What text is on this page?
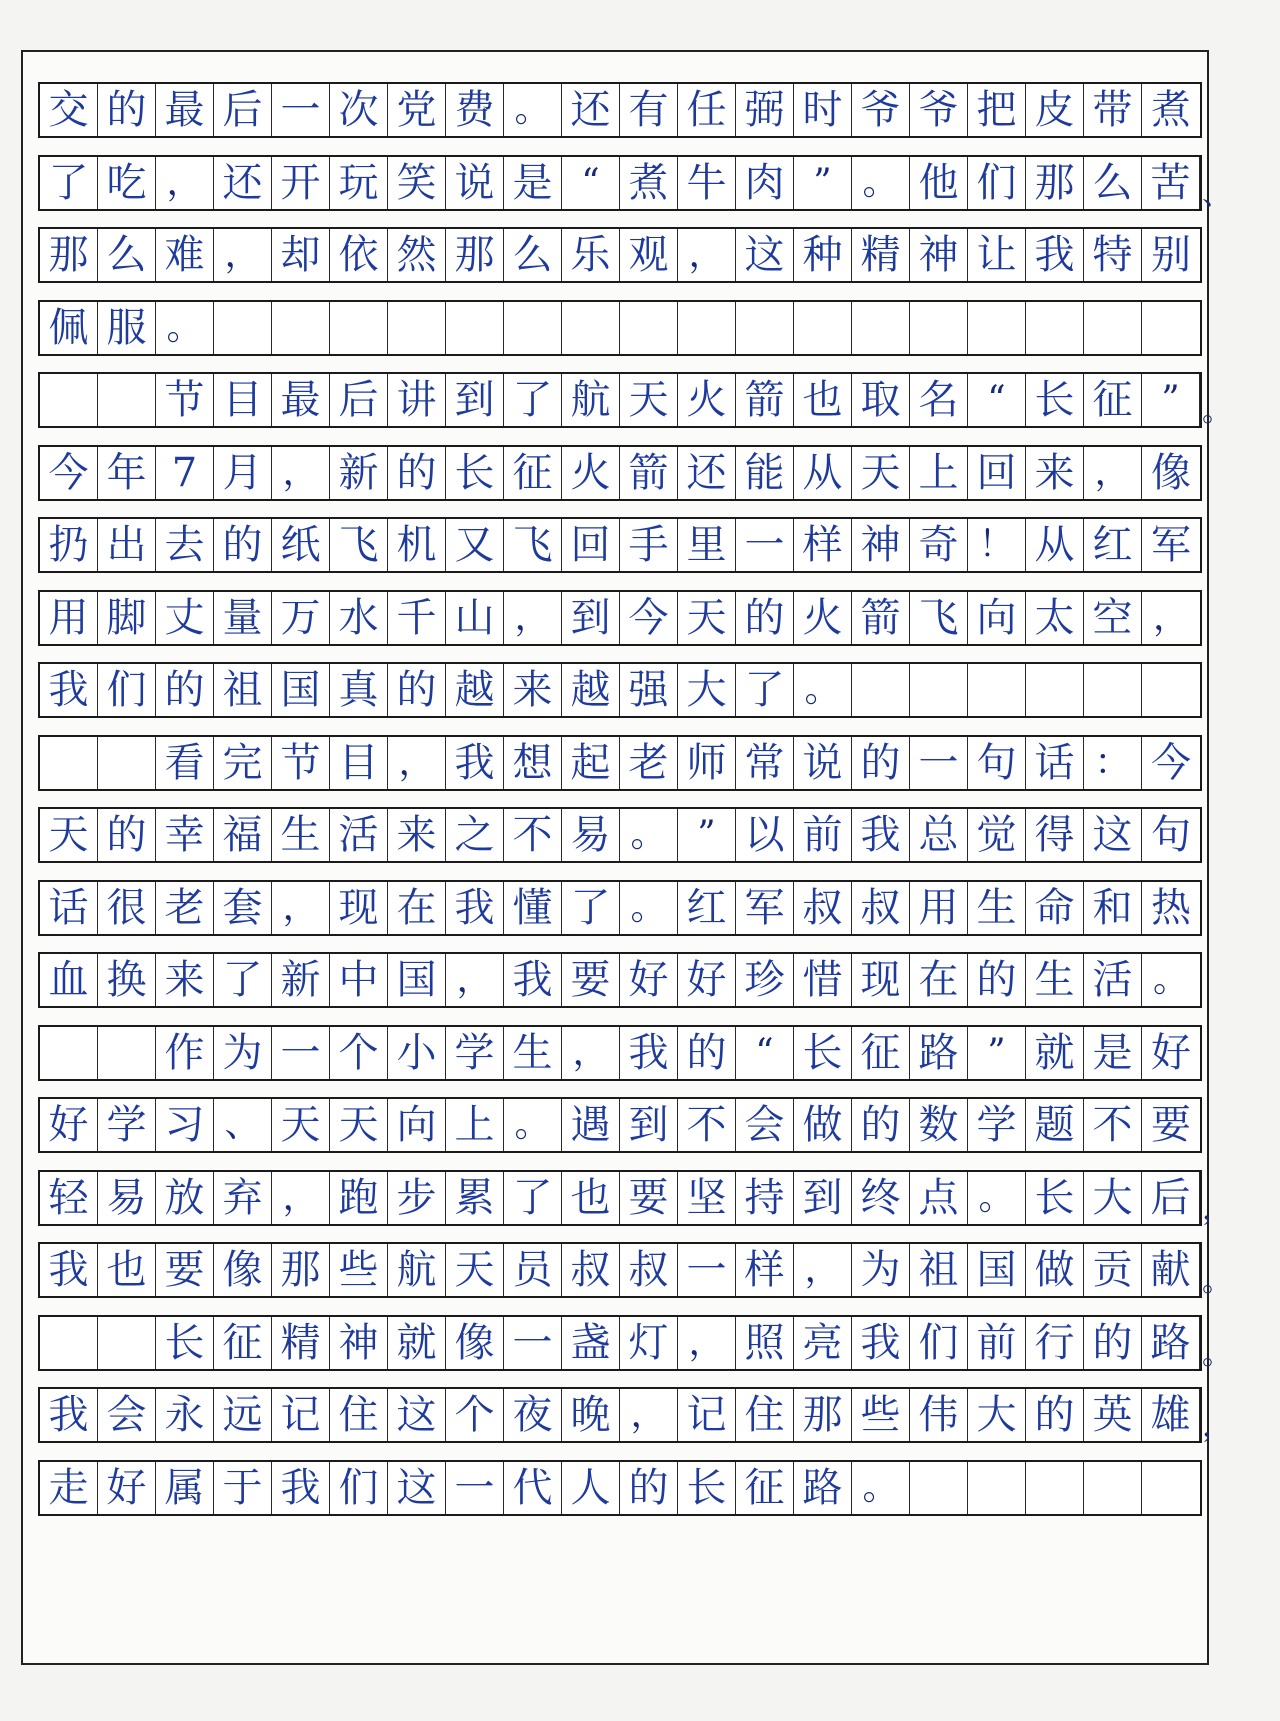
交 的 最 后 一 次 党 费 。 还 有 任 弼 时 爷 爷 把 皮 带 煮
了 吃 ， 还 开 玩 笑 说 是 “ 煮 牛 肉 ” 。 他 们 那 么 苦 、
那 么 难 ， 却 依 然 那 么 乐 观 ， 这 种 精 神 让 我 特 别
佩 服 。
节 目 最 后 讲 到 了 航 天 火 箭 也 取 名 “ 长 征 ” 。
今 年 7 月 ， 新 的 长 征 火 箭 还 能 从 天 上 回 来 ， 像
扔 出 去 的 纸 飞 机 又 飞 回 手 里 一 样 神 奇 ！ 从 红 军
用 脚 丈 量 万 水 千 山 ， 到 今 天 的 火 箭 飞 向 太 空 ，
我 们 的 祖 国 真 的 越 来 越 强 大 了 。
看 完 节 目 ， 我 想 起 老 师 常 说 的 一 句 话 ： 今
天 的 幸 福 生 活 来 之 不 易 。 ” 以 前 我 总 觉 得 这 句
话 很 老 套 ， 现 在 我 懂 了 。 红 军 叔 叔 用 生 命 和 热
血 换 来 了 新 中 国 ， 我 要 好 好 珍 惜 现 在 的 生 活 。
作 为 一 个 小 学 生 ， 我 的 “ 长 征 路 ” 就 是 好
好 学 习 、 天 天 向 上 。 遇 到 不 会 做 的 数 学 题 不 要
轻 易 放 弃 ， 跑 步 累 了 也 要 坚 持 到 终 点 。 长 大 后 ，
我 也 要 像 那 些 航 天 员 叔 叔 一 样 ， 为 祖 国 做 贡 献 。
长 征 精 神 就 像 一 盏 灯 ， 照 亮 我 们 前 行 的 路 。
我 会 永 远 记 住 这 个 夜 晚 ， 记 住 那 些 伟 大 的 英 雄 ，
走 好 属 于 我 们 这 一 代 人 的 长 征 路 。
